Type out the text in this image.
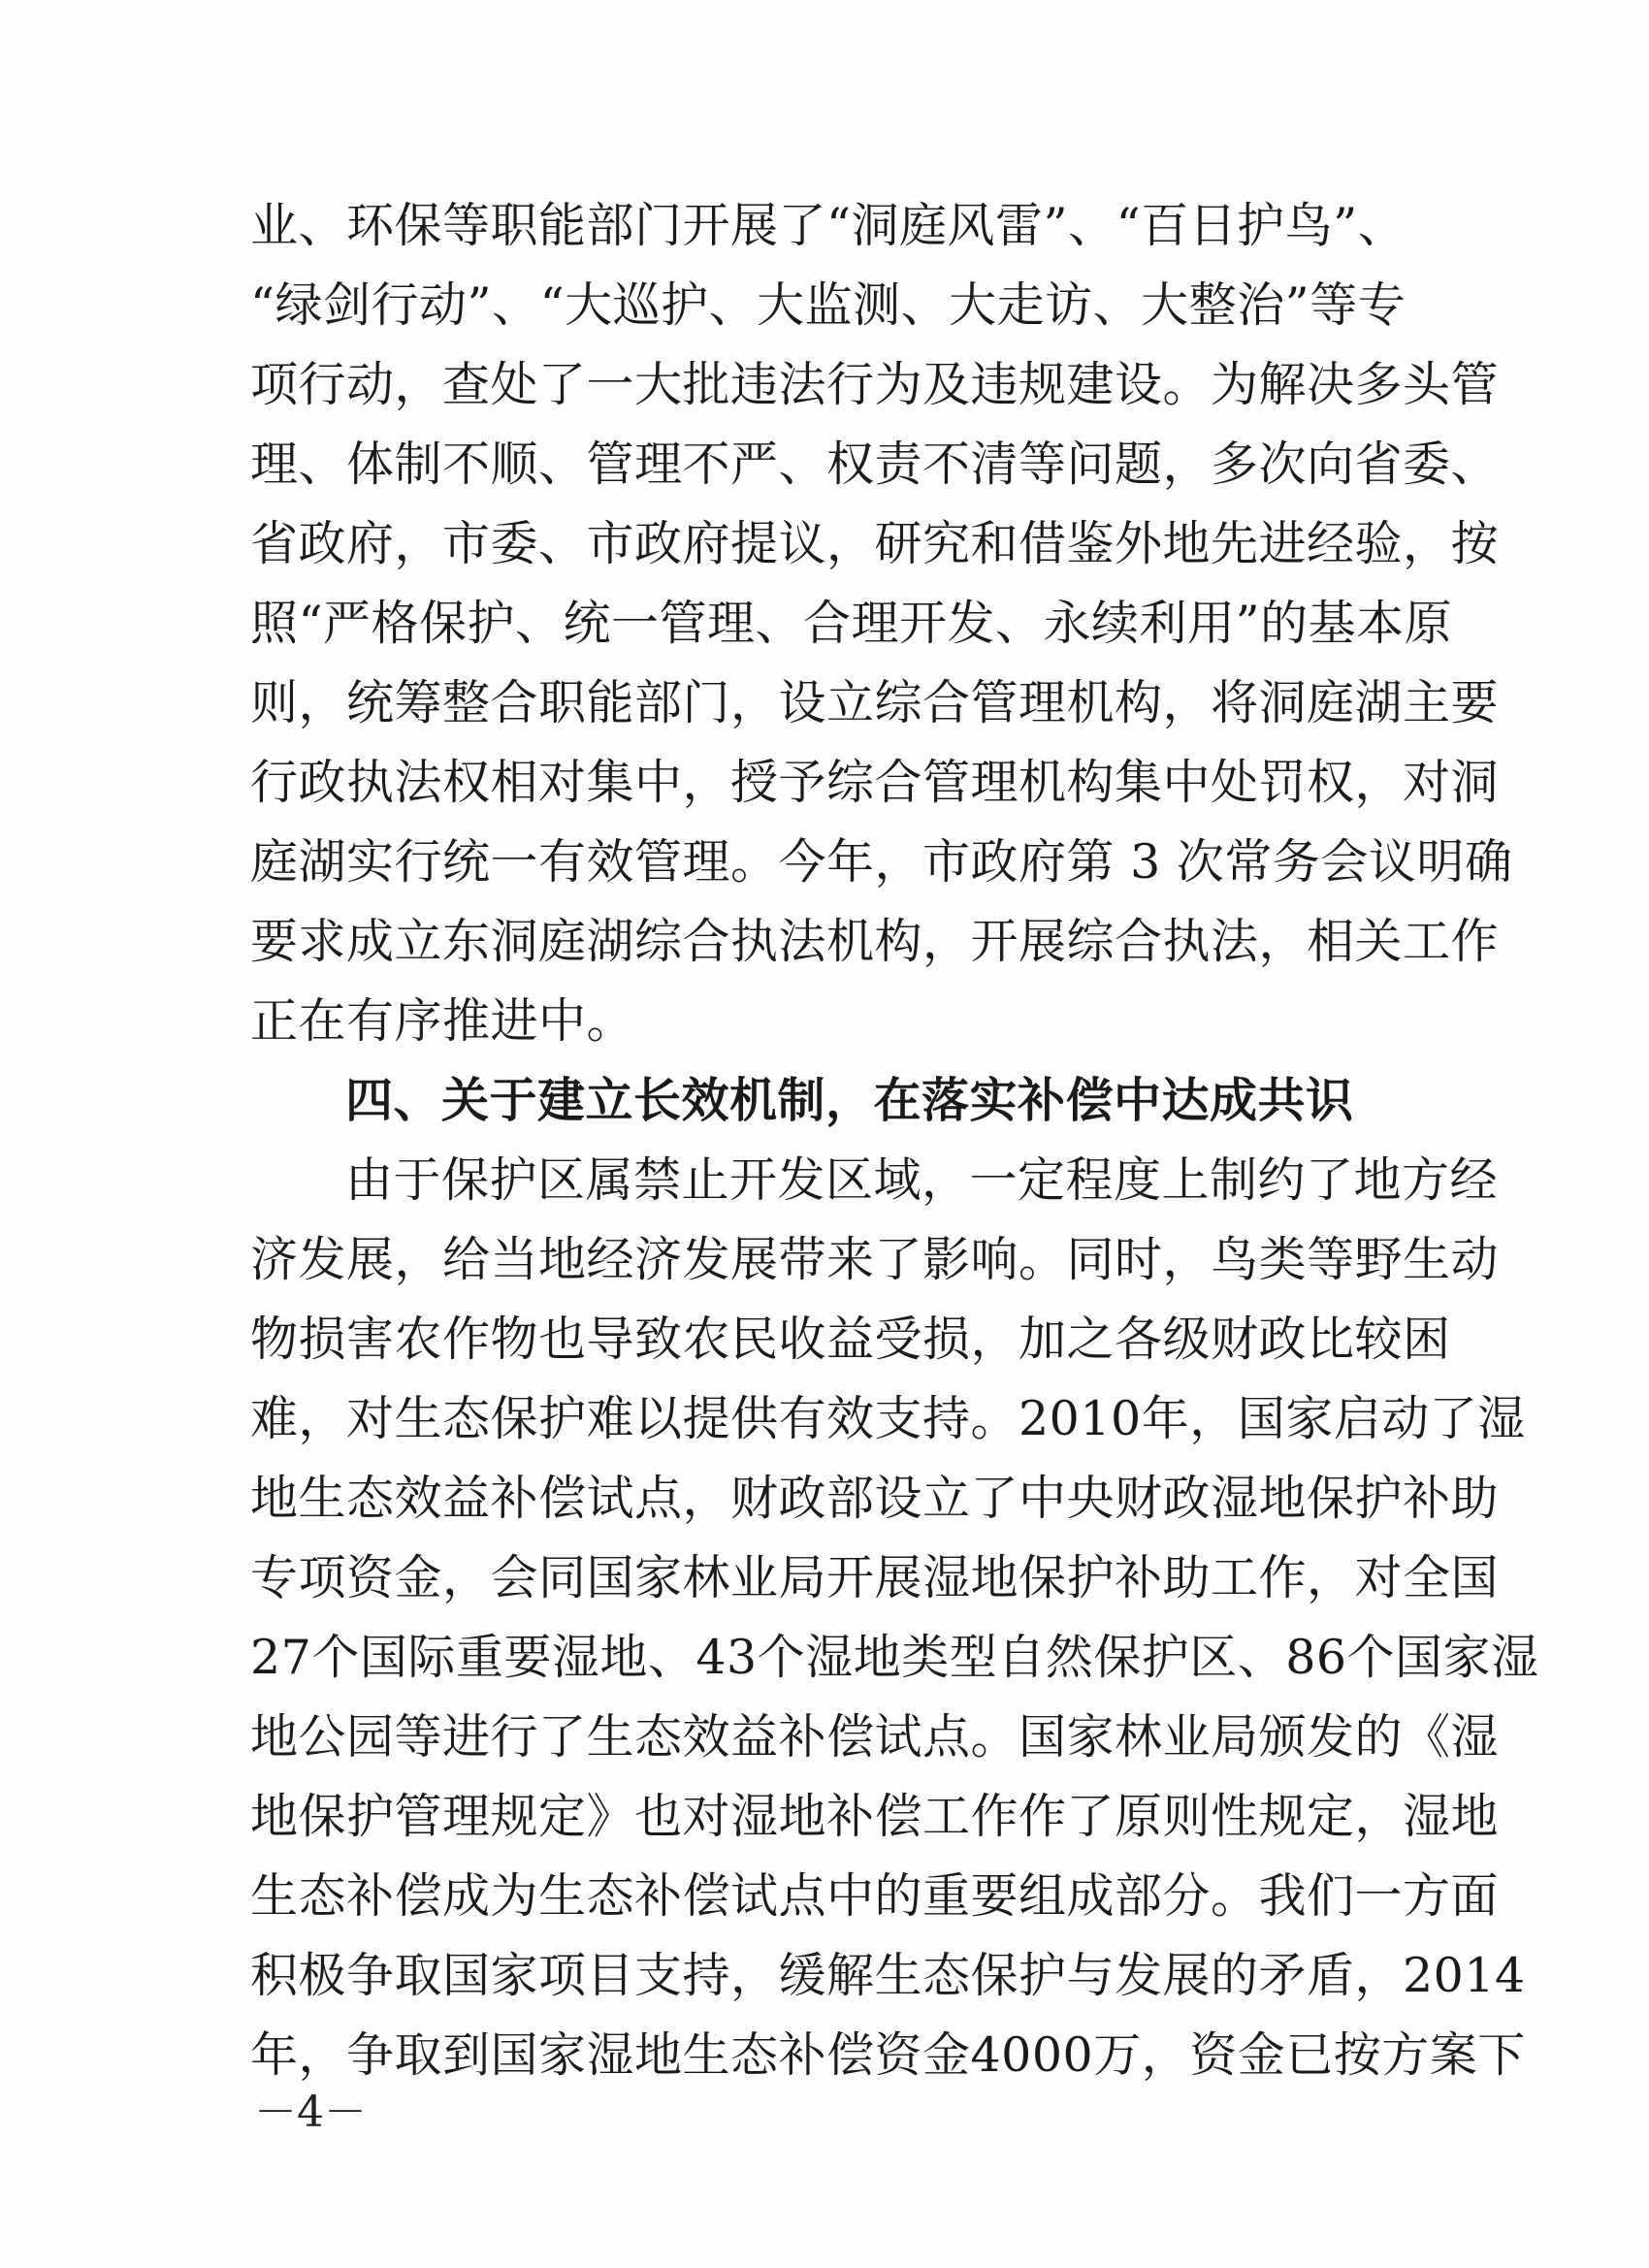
业、环保等职能部门开展了“洞庭风雷”、“百日护鸟”、
“绿剑行动”、“大巡护、大监测、大走访、大整治”等专
项行动，查处了一大批违法行为及违规建设。为解决多头管
理、体制不顺、管理不严、权责不清等问题，多次向省委、
省政府，市委、市政府提议，研究和借鉴外地先进经验，按
照“严格保护、统一管理、合理开发、永续利用”的基本原
则，统筹整合职能部门，设立综合管理机构，将洞庭湖主要
行政执法权相对集中，授予综合管理机构集中处罚权，对洞
庭湖实行统一有效管理。今年，市政府第 3 次常务会议明确
要求成立东洞庭湖综合执法机构，开展综合执法，相关工作
正在有序推进中。
四、关于建立长效机制，在落实补偿中达成共识
由于保护区属禁止开发区域，一定程度上制约了地方经
济发展，给当地经济发展带来了影响。同时，鸟类等野生动
物损害农作物也导致农民收益受损，加之各级财政比较困
难，对生态保护难以提供有效支持。2010年，国家启动了湿
地生态效益补偿试点，财政部设立了中央财政湿地保护补助
专项资金，会同国家林业局开展湿地保护补助工作，对全国
27个国际重要湿地、43个湿地类型自然保护区、86个国家湿
地公园等进行了生态效益补偿试点。国家林业局颁发的《湿
地保护管理规定》也对湿地补偿工作作了原则性规定，湿地
生态补偿成为生态补偿试点中的重要组成部分。我们一方面
积极争取国家项目支持，缓解生态保护与发展的矛盾，2014
年，争取到国家湿地生态补偿资金4000万，资金已按方案下
－4－
